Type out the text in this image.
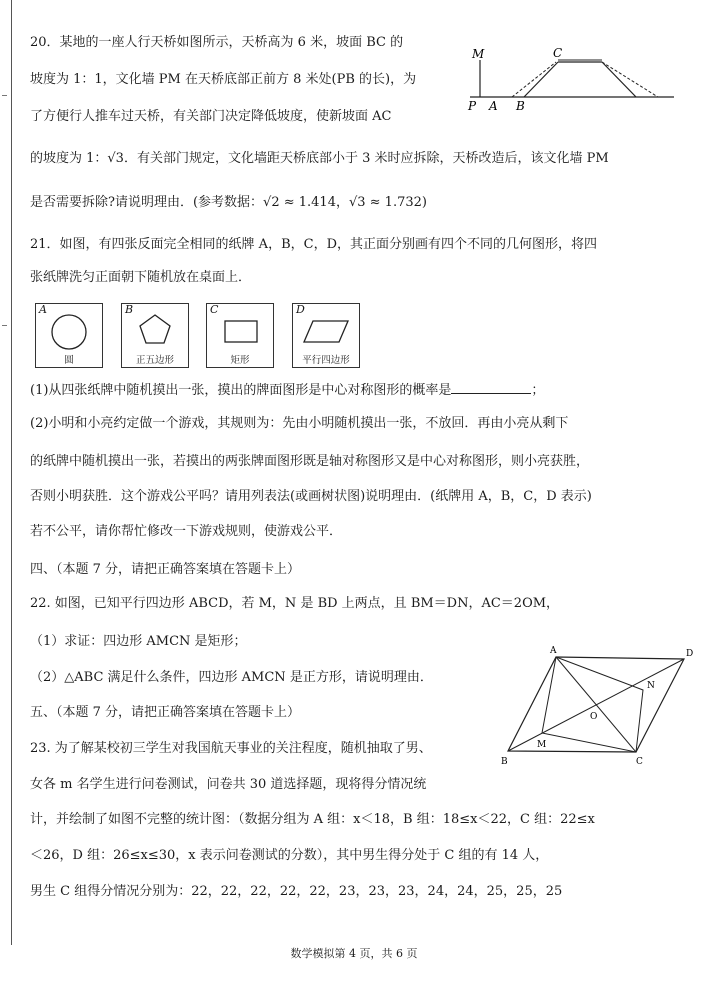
20．某地的一座人行天桥如图所示，天桥高为 6 米，坡面 BC 的
坡度为 1：1，文化墙 PM 在天桥底部正前方 8 米处(PB 的长)，为
了方便行人推车过天桥，有关部门决定降低坡度，使新坡面 AC
的坡度为 1：√3．有关部门规定，文化墙距天桥底部小于 3 米时应拆除，天桥改造后，该文化墙 PM
是否需要拆除?请说明理由．(参考数据：√2 ≈ 1.414，√3 ≈ 1.732)
M	C
P A B
21．如图，有四张反面完全相同的纸牌 A，B，C，D，其正面分别画有四个不同的几何图形，将四
张纸牌洗匀正面朝下随机放在桌面上．
A
圆
B
正五边形
C
矩形
D
平行四边形
(1)从四张纸牌中随机摸出一张，摸出的牌面图形是中心对称图形的概率是	；
(2)小明和小亮约定做一个游戏，其规则为：先由小明随机摸出一张，不放回．再由小亮从剩下
的纸牌中随机摸出一张，若摸出的两张牌面图形既是轴对称图形又是中心对称图形，则小亮获胜，
否则小明获胜．这个游戏公平吗？请用列表法(或画树状图)说明理由．(纸牌用 A，B，C，D 表示)
若不公平，请你帮忙修改一下游戏规则，使游戏公平．
四、（本题 7 分，请把正确答案填在答题卡上）
22. 如图，已知平行四边形 ABCD，若 M，N 是 BD 上两点，且 BM＝DN，AC＝2OM，
（1）求证：四边形 AMCN 是矩形；
（2）△ABC 满足什么条件，四边形 AMCN 是正方形，请说明理由．
A	D
N
O
M
B	C
五、（本题 7 分，请把正确答案填在答题卡上）
23. 为了解某校初三学生对我国航天事业的关注程度，随机抽取了男、
女各 m 名学生进行问卷测试，问卷共 30 道选择题，现将得分情况统
计，并绘制了如图不完整的统计图：（数据分组为 A 组：x＜18，B 组：18≤x＜22，C 组：22≤x
＜26，D 组：26≤x≤30，x 表示问卷测试的分数），其中男生得分处于 C 组的有 14 人，
男生 C 组得分情况分别为：22，22，22，22，22，23，23，23，24，24，25，25，25
数学模拟第 4 页，共 6 页
